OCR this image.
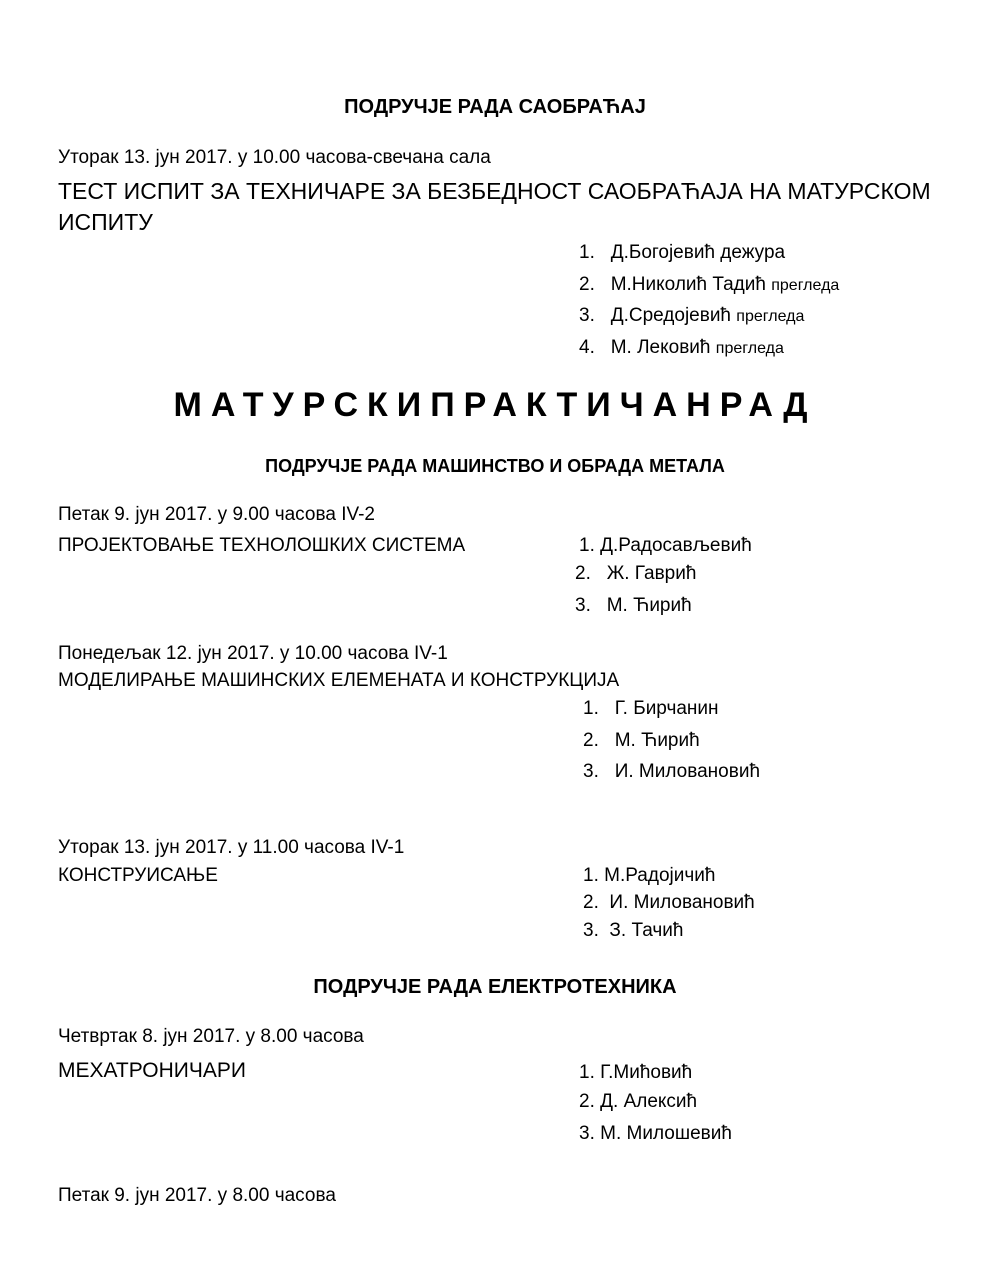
ПОДРУЧЈЕ РАДА САОБРАЋАЈ
Уторак 13. јун 2017. у 10.00 часова-свечана сала
ТЕСТ ИСПИТ ЗА ТЕХНИЧАРЕ ЗА БЕЗБЕДНОСТ САОБРАЋАЈА НА МАТУРСКОМ
ИСПИТУ
1. Д.Богојевић дежура
2. М.Николић Тадић прегледа
3. Д.Средојевић прегледа
4. М. Лековић прегледа
МАТУРСКИПРАКТИЧАНРАД
ПОДРУЧЈЕ РАДА МАШИНСТВО И ОБРАДА МЕТАЛА
Петак 9. јун 2017. у 9.00 часова IV-2
ПРОЈЕКТОВАЊЕ ТЕХНОЛОШКИХ СИСТЕМА	1. Д.Радосављевић
2. Ж. Гаврић
3. М. Ћирић
Понедељак 12. јун 2017. у 10.00 часова IV-1
МОДЕЛИРАЊЕ МАШИНСКИХ ЕЛЕМЕНАТА И КОНСТРУКЦИЈА
1. Г. Бирчанин
2. М. Ћирић
3. И. Миловановић
Уторак 13. јун 2017. у 11.00 часова IV-1
КОНСТРУИСАЊЕ	1. М.Радојичић
2. И. Миловановић
3. З. Тачић
ПОДРУЧЈЕ РАДА ЕЛЕКТРОТЕХНИКА
Четвртак 8. јун 2017. у 8.00 часова
МЕХАТРОНИЧАРИ	1. Г.Мићовић
2. Д. Алексић
3. М. Милошевић
Петак 9. јун 2017. у 8.00 часова
